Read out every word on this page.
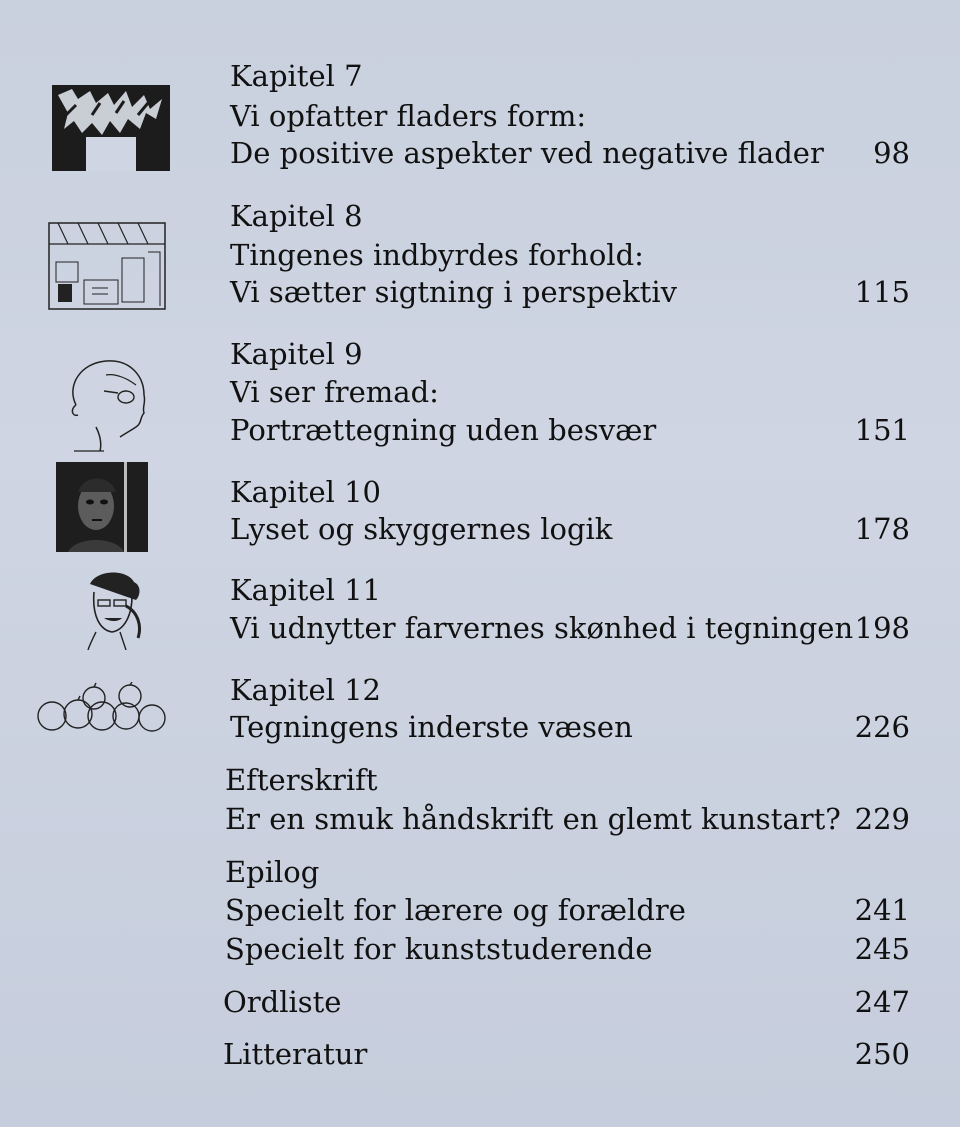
Kapitel 7
Vi opfatter fladers form:
De positive aspekter ved negative flader 98
Kapitel 8
Tingenes indbyrdes forhold:
Vi sætter sigtning i perspektiv	115
Kapitel 9
Vi ser fremad:
Portrættegning uden besvær	151
Kapitel 10
Lyset og skyggernes logik	178
Kapitel 11
Vi udnytter farvernes skønhed i tegningen 198
Kapitel 12
Tegningens inderste væsen	226
Efterskrift
Er en smuk håndskrift en glemt kunstart? 229
Epilog
Specielt for lærere og forældre	241
Specielt for kunststuderende	245
Ordliste	247
Litteratur	250
